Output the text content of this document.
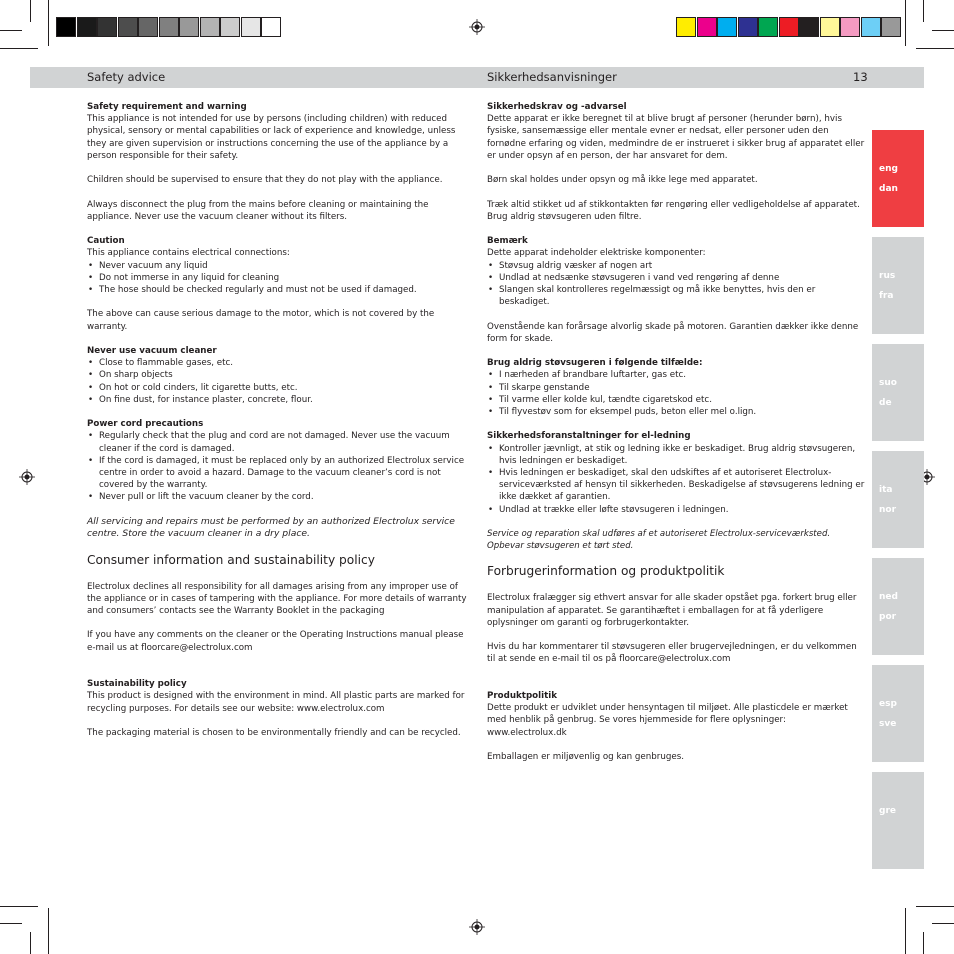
Safety advice	Sikkerhedsanvisninger	13
eng
dan
rus
fra
suo
de
ita
nor
ned
por
esp
sve
gre

Safety requirement and warning

This appliance is not intended for use by persons (including children) with reduced physical, sensory or mental capabilities or lack of experience and knowledge, unless they are given supervision or instructions concerning the use of the appliance by a person responsible for their safety.

Children should be supervised to ensure that they do not play with the appliance.

Always disconnect the plug from the mains before cleaning or maintaining the appliance. Never use the vacuum cleaner without its filters.

Caution

This appliance contains electrical connections:

• Never vacuum any liquid
• Do not immerse in any liquid for cleaning
• The hose should be checked regularly and must not be used if damaged.

The above can cause serious damage to the motor, which is not covered by the warranty.

Never use vacuum cleaner

• Close to flammable gases, etc.
• On sharp objects
• On hot or cold cinders, lit cigarette butts, etc.
• On fine dust, for instance plaster, concrete, flour.

Power cord precautions

• Regularly check that the plug and cord are not damaged. Never use the vacuum cleaner if the cord is damaged.
• If the cord is damaged, it must be replaced only by an authorized Electrolux service centre in order to avoid a hazard. Damage to the vacuum cleaner’s cord is not covered by the warranty.
• Never pull or lift the vacuum cleaner by the cord.

All servicing and repairs must be performed by an authorized Electrolux service centre. Store the vacuum cleaner in a dry place.

Consumer information and sustainability policy

Electrolux declines all responsibility for all damages arising from any improper use of the appliance or in cases of tampering with the appliance. For more details of warranty and consumers’ contacts see the Warranty Booklet in the packaging

If you have any comments on the cleaner or the Operating Instructions manual please e-mail us at floorcare@electrolux.com

Sustainability policy

This product is designed with the environment in mind. All plastic parts are marked for recycling purposes. For details see our website: www.electrolux.com

The packaging material is chosen to be environmentally friendly and can be recycled.

Sikkerhedskrav og -advarsel

Dette apparat er ikke beregnet til at blive brugt af personer (herunder børn), hvis fysiske, sansemæssige eller mentale evner er nedsat, eller personer uden den fornødne erfaring og viden, medmindre de er instrueret i sikker brug af apparatet eller er under opsyn af en person, der har ansvaret for dem.

Børn skal holdes under opsyn og må ikke lege med apparatet.

Træk altid stikket ud af stikkontakten før rengøring eller vedligeholdelse af apparatet. Brug aldrig støvsugeren uden filtre.

Bemærk

Dette apparat indeholder elektriske komponenter:

• Støvsug aldrig væsker af nogen art
• Undlad at nedsænke støvsugeren i vand ved rengøring af denne
• Slangen skal kontrolleres regelmæssigt og må ikke benyttes, hvis den er beskadiget.

Ovenstående kan forårsage alvorlig skade på motoren. Garantien dækker ikke denne form for skade.

Brug aldrig støvsugeren i følgende tilfælde:

• I nærheden af brandbare luftarter, gas etc.
• Til skarpe genstande
• Til varme eller kolde kul, tændte cigaretskod etc.
• Til flyvestøv som for eksempel puds, beton eller mel o.lign.

Sikkerhedsforanstaltninger for el-ledning

• Kontroller jævnligt, at stik og ledning ikke er beskadiget. Brug aldrig støvsugeren, hvis ledningen er beskadiget.
• Hvis ledningen er beskadiget, skal den udskiftes af et autoriseret Electrolux-serviceværksted af hensyn til sikkerheden. Beskadigelse af støvsugerens ledning er ikke dækket af garantien.
• Undlad at trække eller løfte støvsugeren i ledningen.

Service og reparation skal udføres af et autoriseret Electrolux-serviceværksted. Opbevar støvsugeren et tørt sted.

Forbrugerinformation og produktpolitik

Electrolux fralægger sig ethvert ansvar for alle skader opstået pga. forkert brug eller manipulation af apparatet. Se garantihæftet i emballagen for at få yderligere oplysninger om garanti og forbrugerkontakter.

Hvis du har kommentarer til støvsugeren eller brugervejledningen, er du velkommen til at sende en e-mail til os på floorcare@electrolux.com

Produktpolitik

Dette produkt er udviklet under hensyntagen til miljøet. Alle plasticdele er mærket med henblik på genbrug. Se vores hjemmeside for flere oplysninger: www.electrolux.dk

Emballagen er miljøvenlig og kan genbruges.
